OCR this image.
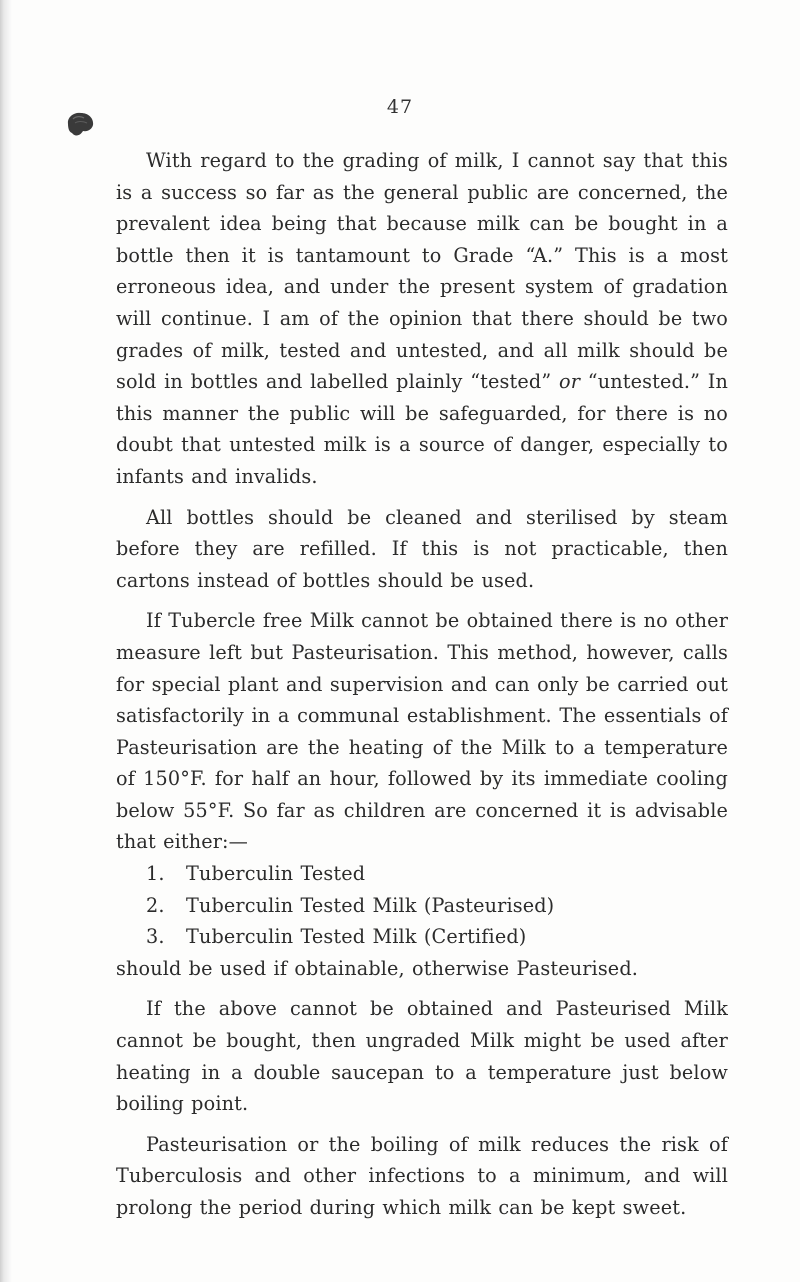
47

With regard to the grading of milk, I cannot say that this is a success so far as the general public are concerned, the prevalent idea being that because milk can be bought in a bottle then it is tantamount to Grade “A.” This is a most erroneous idea, and under the present system of gradation will continue. I am of the opinion that there should be two grades of milk, tested and untested, and all milk should be sold in bottles and labelled plainly “tested” or “untested.” In this manner the public will be safeguarded, for there is no doubt that untested milk is a source of danger, especially to infants and invalids.

All bottles should be cleaned and sterilised by steam before they are refilled. If this is not practicable, then cartons instead of bottles should be used.

If Tubercle free Milk cannot be obtained there is no other measure left but Pasteurisation. This method, however, calls for special plant and supervision and can only be carried out satisfactorily in a communal establishment. The essentials of Pasteurisation are the heating of the Milk to a temperature of 150°F. for half an hour, followed by its immediate cooling below 55°F. So far as children are concerned it is advisable that either:—

1.	Tuberculin Tested
2.	Tuberculin Tested Milk (Pasteurised)
3.	Tuberculin Tested Milk (Certified)

should be used if obtainable, otherwise Pasteurised.

If the above cannot be obtained and Pasteurised Milk cannot be bought, then ungraded Milk might be used after heating in a double saucepan to a temperature just below boiling point.

Pasteurisation or the boiling of milk reduces the risk of Tuberculosis and other infections to a minimum, and will prolong the period during which milk can be kept sweet.
